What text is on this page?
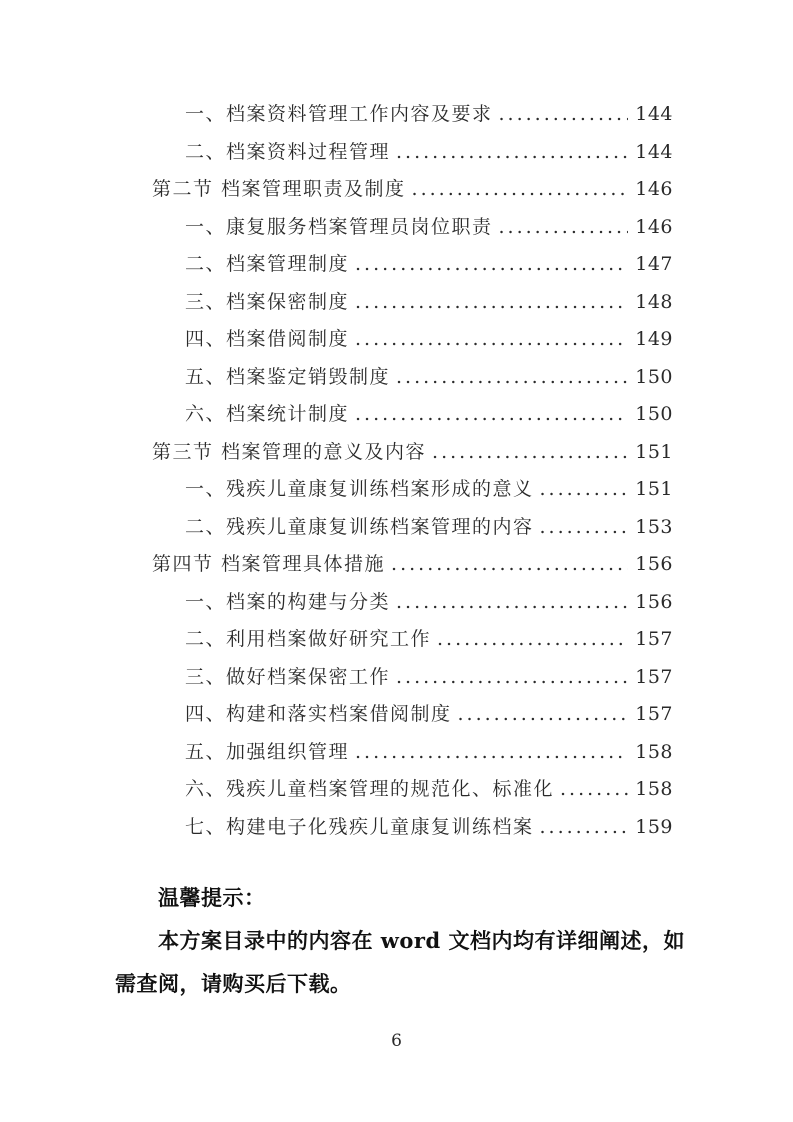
一、档案资料管理工作内容及要求 .....	144
二、档案资料过程管理 .....	144
第二节 档案管理职责及制度 .....	146
一、康复服务档案管理员岗位职责 .....	146
二、档案管理制度 .....	147
三、档案保密制度 .....	148
四、档案借阅制度 .....	149
五、档案鉴定销毁制度 .....	150
六、档案统计制度 .....	150
第三节 档案管理的意义及内容 .....	151
一、残疾儿童康复训练档案形成的意义 .....	151
二、残疾儿童康复训练档案管理的内容 .....	153
第四节 档案管理具体措施 .....	156
一、档案的构建与分类 .....	156
二、利用档案做好研究工作 .....	157
三、做好档案保密工作 .....	157
四、构建和落实档案借阅制度 .....	157
五、加强组织管理 .....	158
六、残疾儿童档案管理的规范化、标准化 .....	158
七、构建电子化残疾儿童康复训练档案 .....	159
温馨提示：
本方案目录中的内容在 word 文档内均有详细阐述，如
需查阅，请购买后下载。
6
